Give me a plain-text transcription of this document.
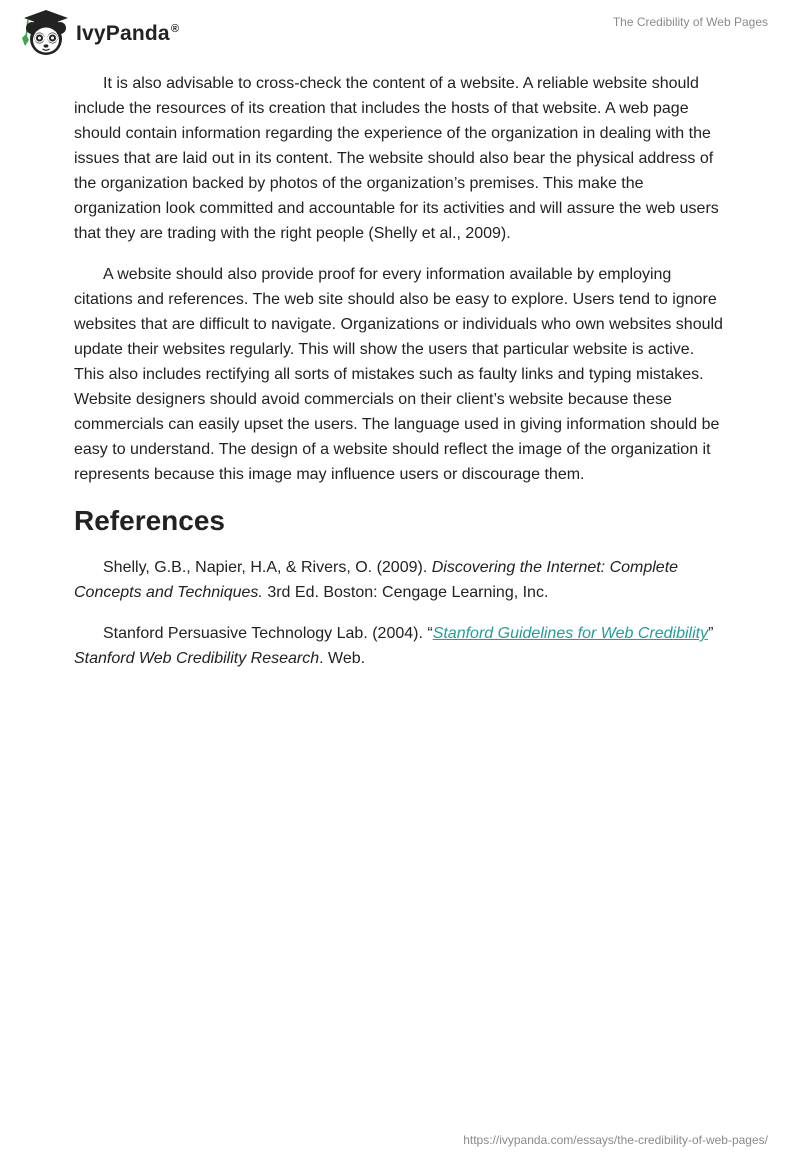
IvyPanda®	The Credibility of Web Pages

It is also advisable to cross-check the content of a website. A reliable website should include the resources of its creation that includes the hosts of that website. A web page should contain information regarding the experience of the organization in dealing with the issues that are laid out in its content. The website should also bear the physical address of the organization backed by photos of the organization’s premises. This make the organization look committed and accountable for its activities and will assure the web users that they are trading with the right people (Shelly et al., 2009).

A website should also provide proof for every information available by employing citations and references. The web site should also be easy to explore. Users tend to ignore websites that are difficult to navigate. Organizations or individuals who own websites should update their websites regularly. This will show the users that particular website is active. This also includes rectifying all sorts of mistakes such as faulty links and typing mistakes. Website designers should avoid commercials on their client’s website because these commercials can easily upset the users. The language used in giving information should be easy to understand. The design of a website should reflect the image of the organization it represents because this image may influence users or discourage them.

References

Shelly, G.B., Napier, H.A, & Rivers, O. (2009). Discovering the Internet: Complete Concepts and Techniques. 3rd Ed. Boston: Cengage Learning, Inc.

Stanford Persuasive Technology Lab. (2004). “Stanford Guidelines for Web Credibility” Stanford Web Credibility Research. Web.

https://ivypanda.com/essays/the-credibility-of-web-pages/
